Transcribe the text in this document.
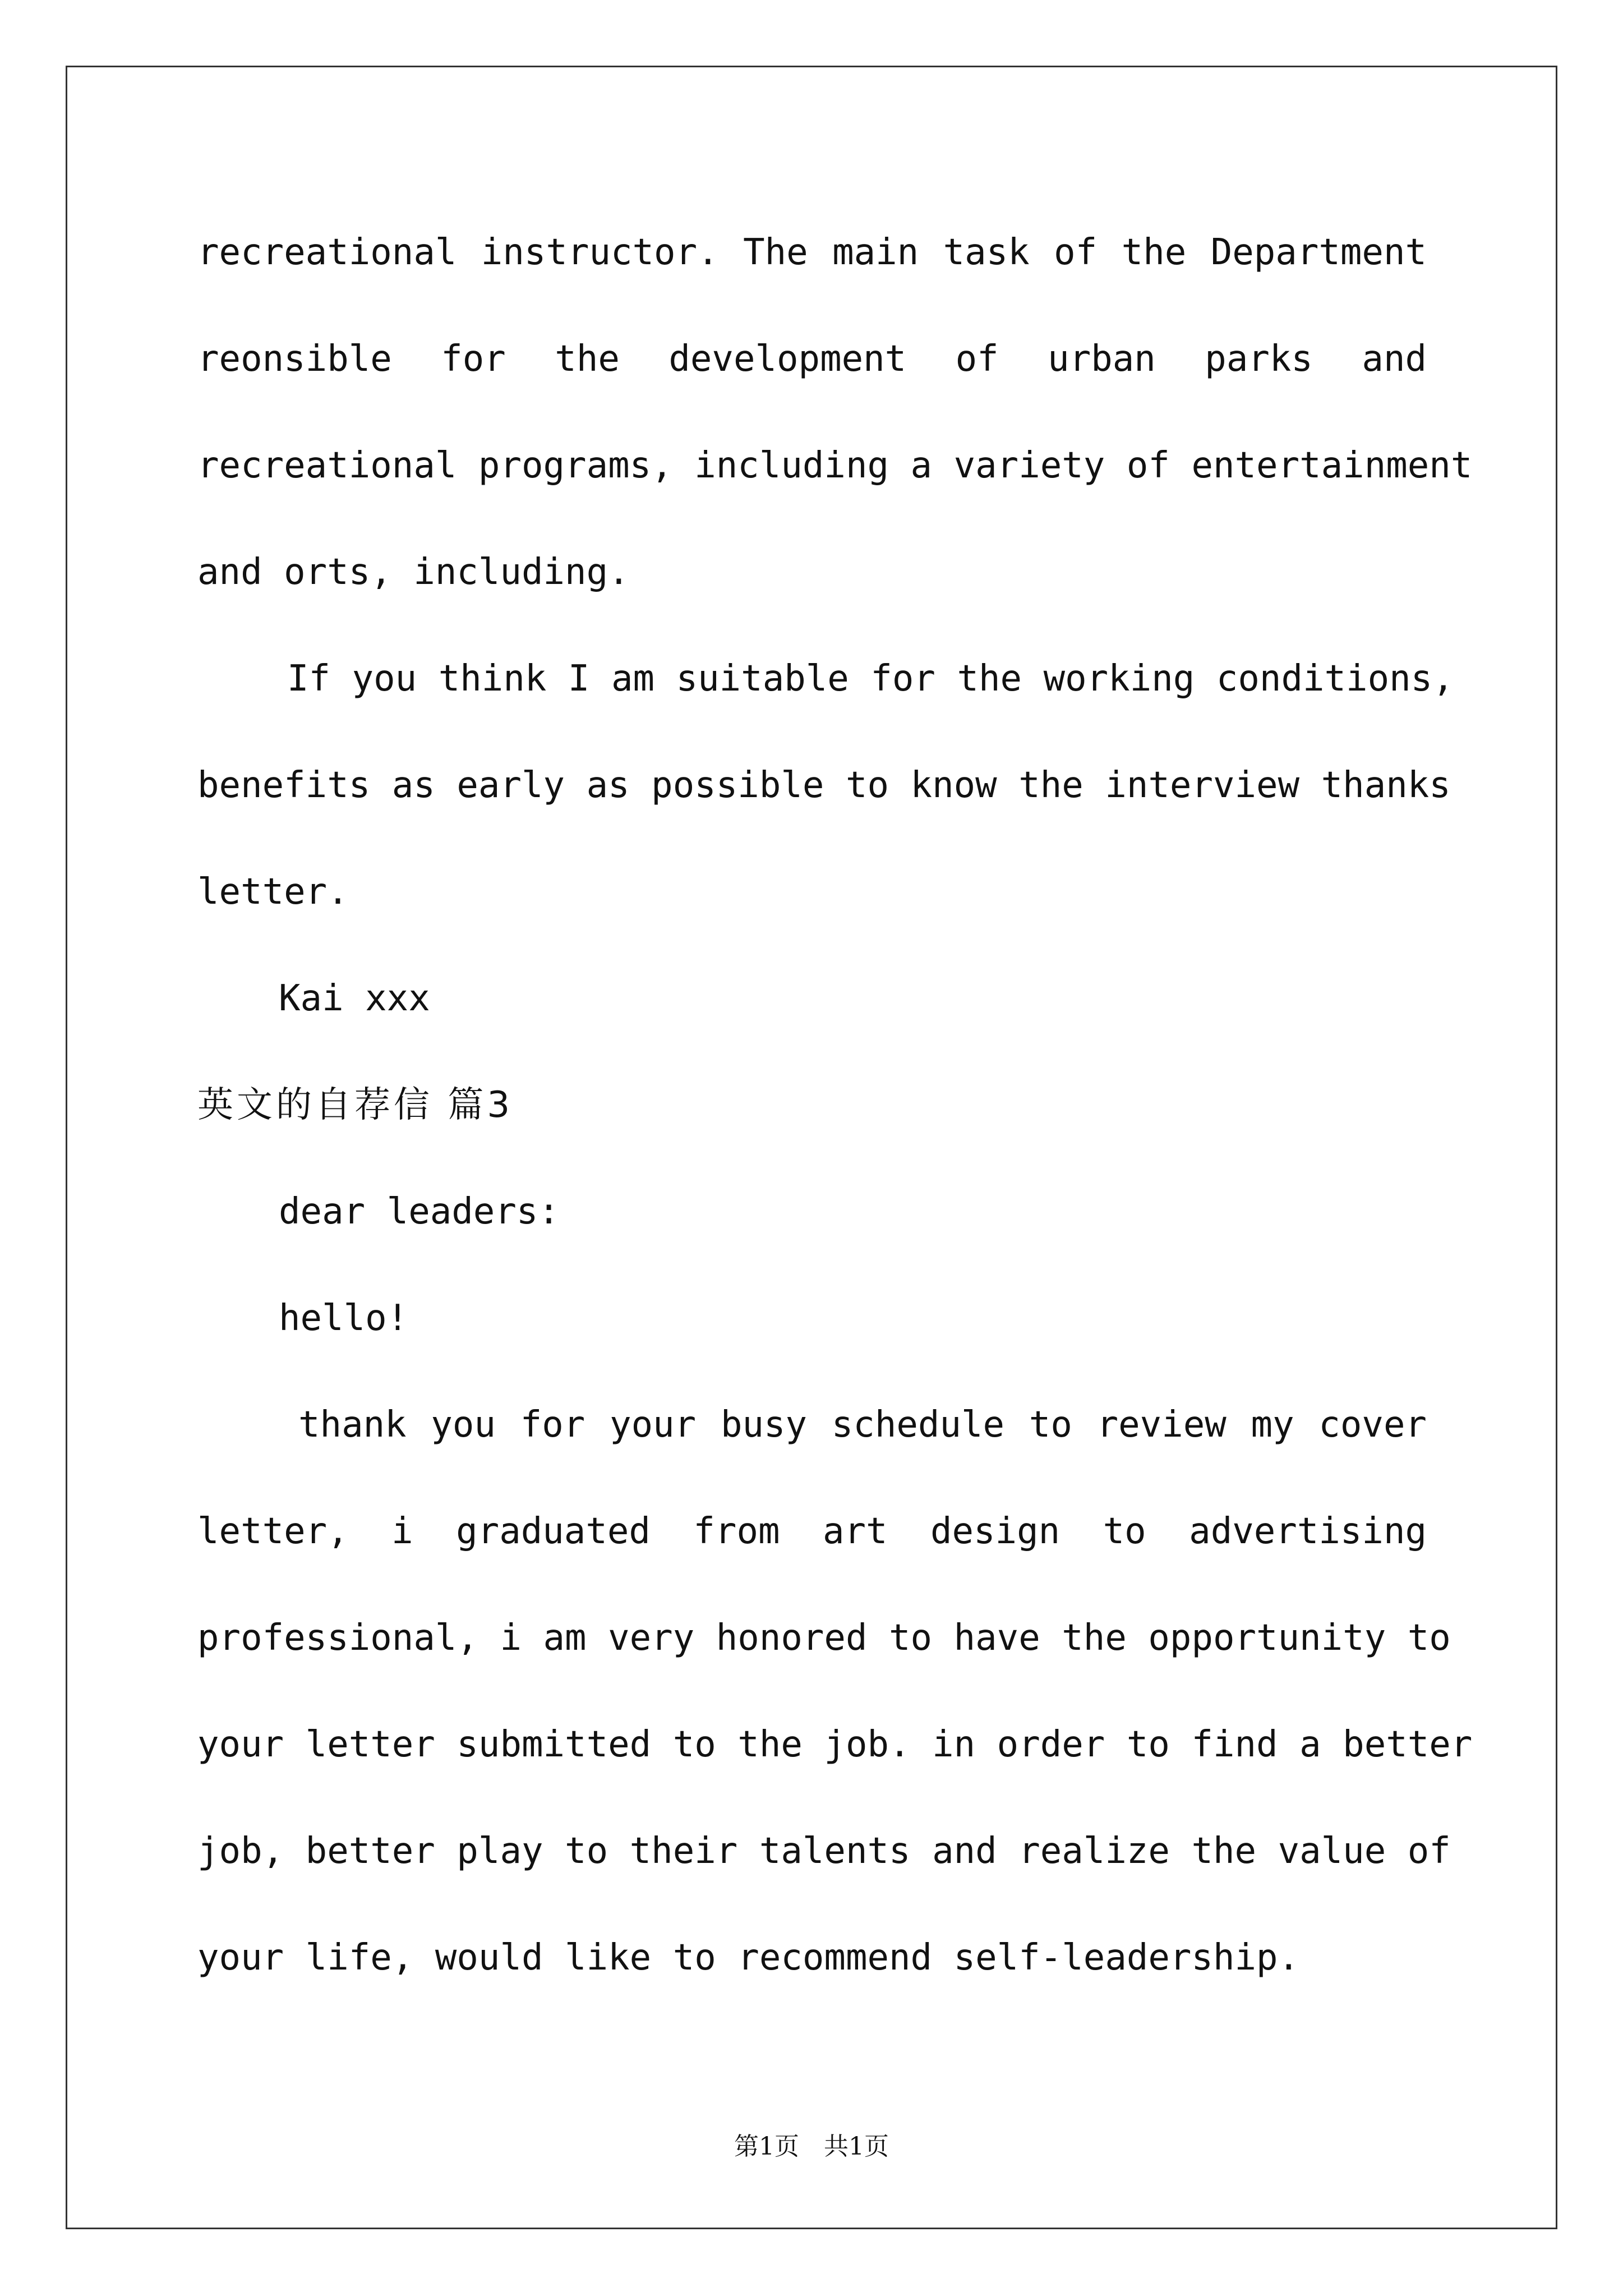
recreational instructor. The main task of the Department
reonsible for the development of urban parks and
recreational programs, including a variety of entertainment
and orts, including.
If you think I am suitable for the working conditions,
benefits as early as possible to know the interview thanks
letter.
Kai xxx
英文的自荐信 篇3
dear leaders:
hello!
thank you for your busy schedule to review my cover
letter, i graduated from art design to advertising
professional, i am very honored to have the opportunity to
your letter submitted to the job. in order to find a better
job, better play to their talents and realize the value of
your life, would like to recommend self-leadership.
第1页　共1页
